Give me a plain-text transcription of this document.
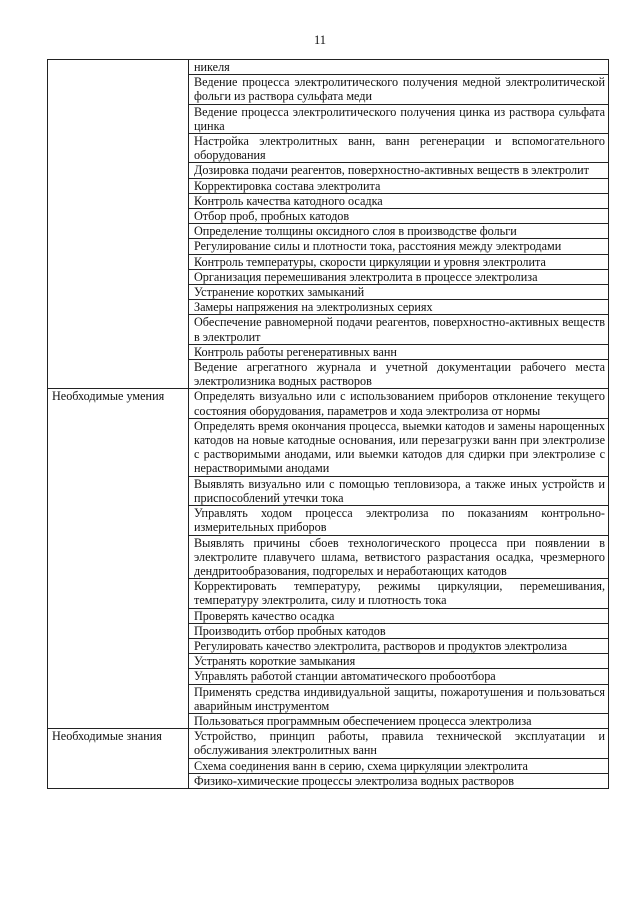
11
	никеля
	Ведение процесса электролитического получения медной электролитической фольги из раствора сульфата меди
	Ведение процесса электролитического получения цинка из раствора сульфата цинка
	Настройка электролитных ванн, ванн регенерации и вспомогательного оборудования
	Дозировка подачи реагентов, поверхностно-активных веществ в электролит
	Корректировка состава электролита
	Контроль качества катодного осадка
	Отбор проб, пробных катодов
	Определение толщины оксидного слоя в производстве фольги
	Регулирование силы и плотности тока, расстояния между электродами
	Контроль температуры, скорости циркуляции и уровня электролита
	Организация перемешивания электролита в процессе электролиза
	Устранение коротких замыканий
	Замеры напряжения на электролизных сериях
	Обеспечение равномерной подачи реагентов, поверхностно-активных веществ в электролит
	Контроль работы регенеративных ванн
	Ведение агрегатного журнала и учетной документации рабочего места электролизника водных растворов
Необходимые умения	Определять визуально или с использованием приборов отклонение текущего состояния оборудования, параметров и хода электролиза от нормы
	Определять время окончания процесса, выемки катодов и замены нарощенных катодов на новые катодные основания, или перезагрузки ванн при электролизе с растворимыми анодами, или выемки катодов для сдирки при электролизе с нерастворимыми анодами
	Выявлять визуально или с помощью тепловизора, а также иных устройств и приспособлений утечки тока
	Управлять ходом процесса электролиза по показаниям контрольно-измерительных приборов
	Выявлять причины сбоев технологического процесса при появлении в электролите плавучего шлама, ветвистого разрастания осадка, чрезмерного дендритообразования, подгорелых и неработающих катодов
	Корректировать температуру, режимы циркуляции, перемешивания, температуру электролита, силу и плотность тока
	Проверять качество осадка
	Производить отбор пробных катодов
	Регулировать качество электролита, растворов и продуктов электролиза
	Устранять короткие замыкания
	Управлять работой станции автоматического пробоотбора
	Применять средства индивидуальной защиты, пожаротушения и пользоваться аварийным инструментом
	Пользоваться программным обеспечением процесса электролиза
Необходимые знания	Устройство, принцип работы, правила технической эксплуатации и обслуживания электролитных ванн
	Схема соединения ванн в серию, схема циркуляции электролита
	Физико-химические процессы электролиза водных растворов
